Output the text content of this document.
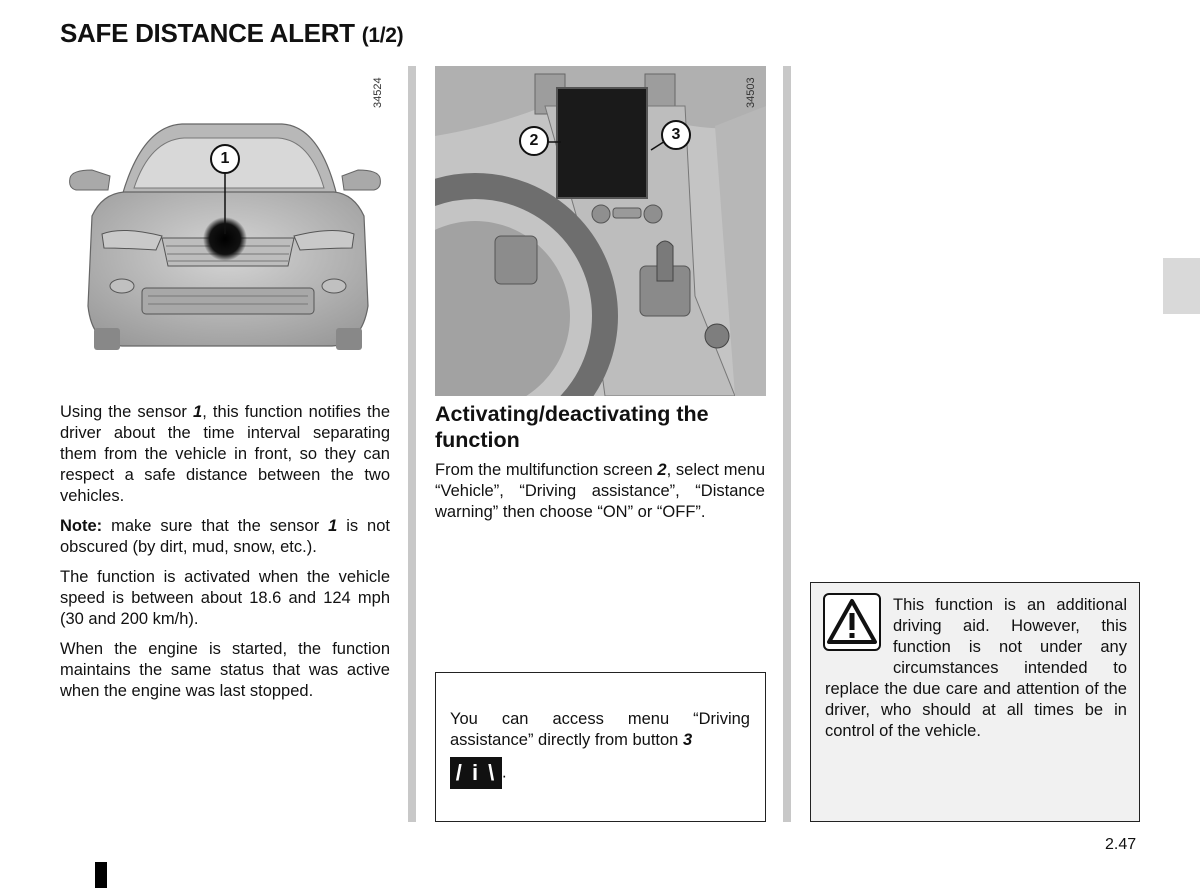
SAFE DISTANCE ALERT (1/2)
1
34524
2	3
34503

Using the sensor 1, this function notifies the driver about the time interval separating them from the vehicle in front, so they can respect a safe distance between the two vehicles.

Note: make sure that the sensor 1 is not obscured (by dirt, mud, snow, etc.).

The function is activated when the vehicle speed is between about 18.6 and 124 mph (30 and 200 km/h).

When the engine is started, the function maintains the same status that was active when the engine was last stopped.

Activating/deactivating the function

From the multifunction screen 2, select menu “Vehicle”, “Driving assistance”, “Distance warning” then choose “ON” or “OFF”.

You can access menu “Driving assistance” directly from button 3
/ i \ .
This function is an additional driving aid. However, this function is not under any circumstances intended to replace the due care and attention of the driver, who should at all times be in control of the vehicle.
2.47
